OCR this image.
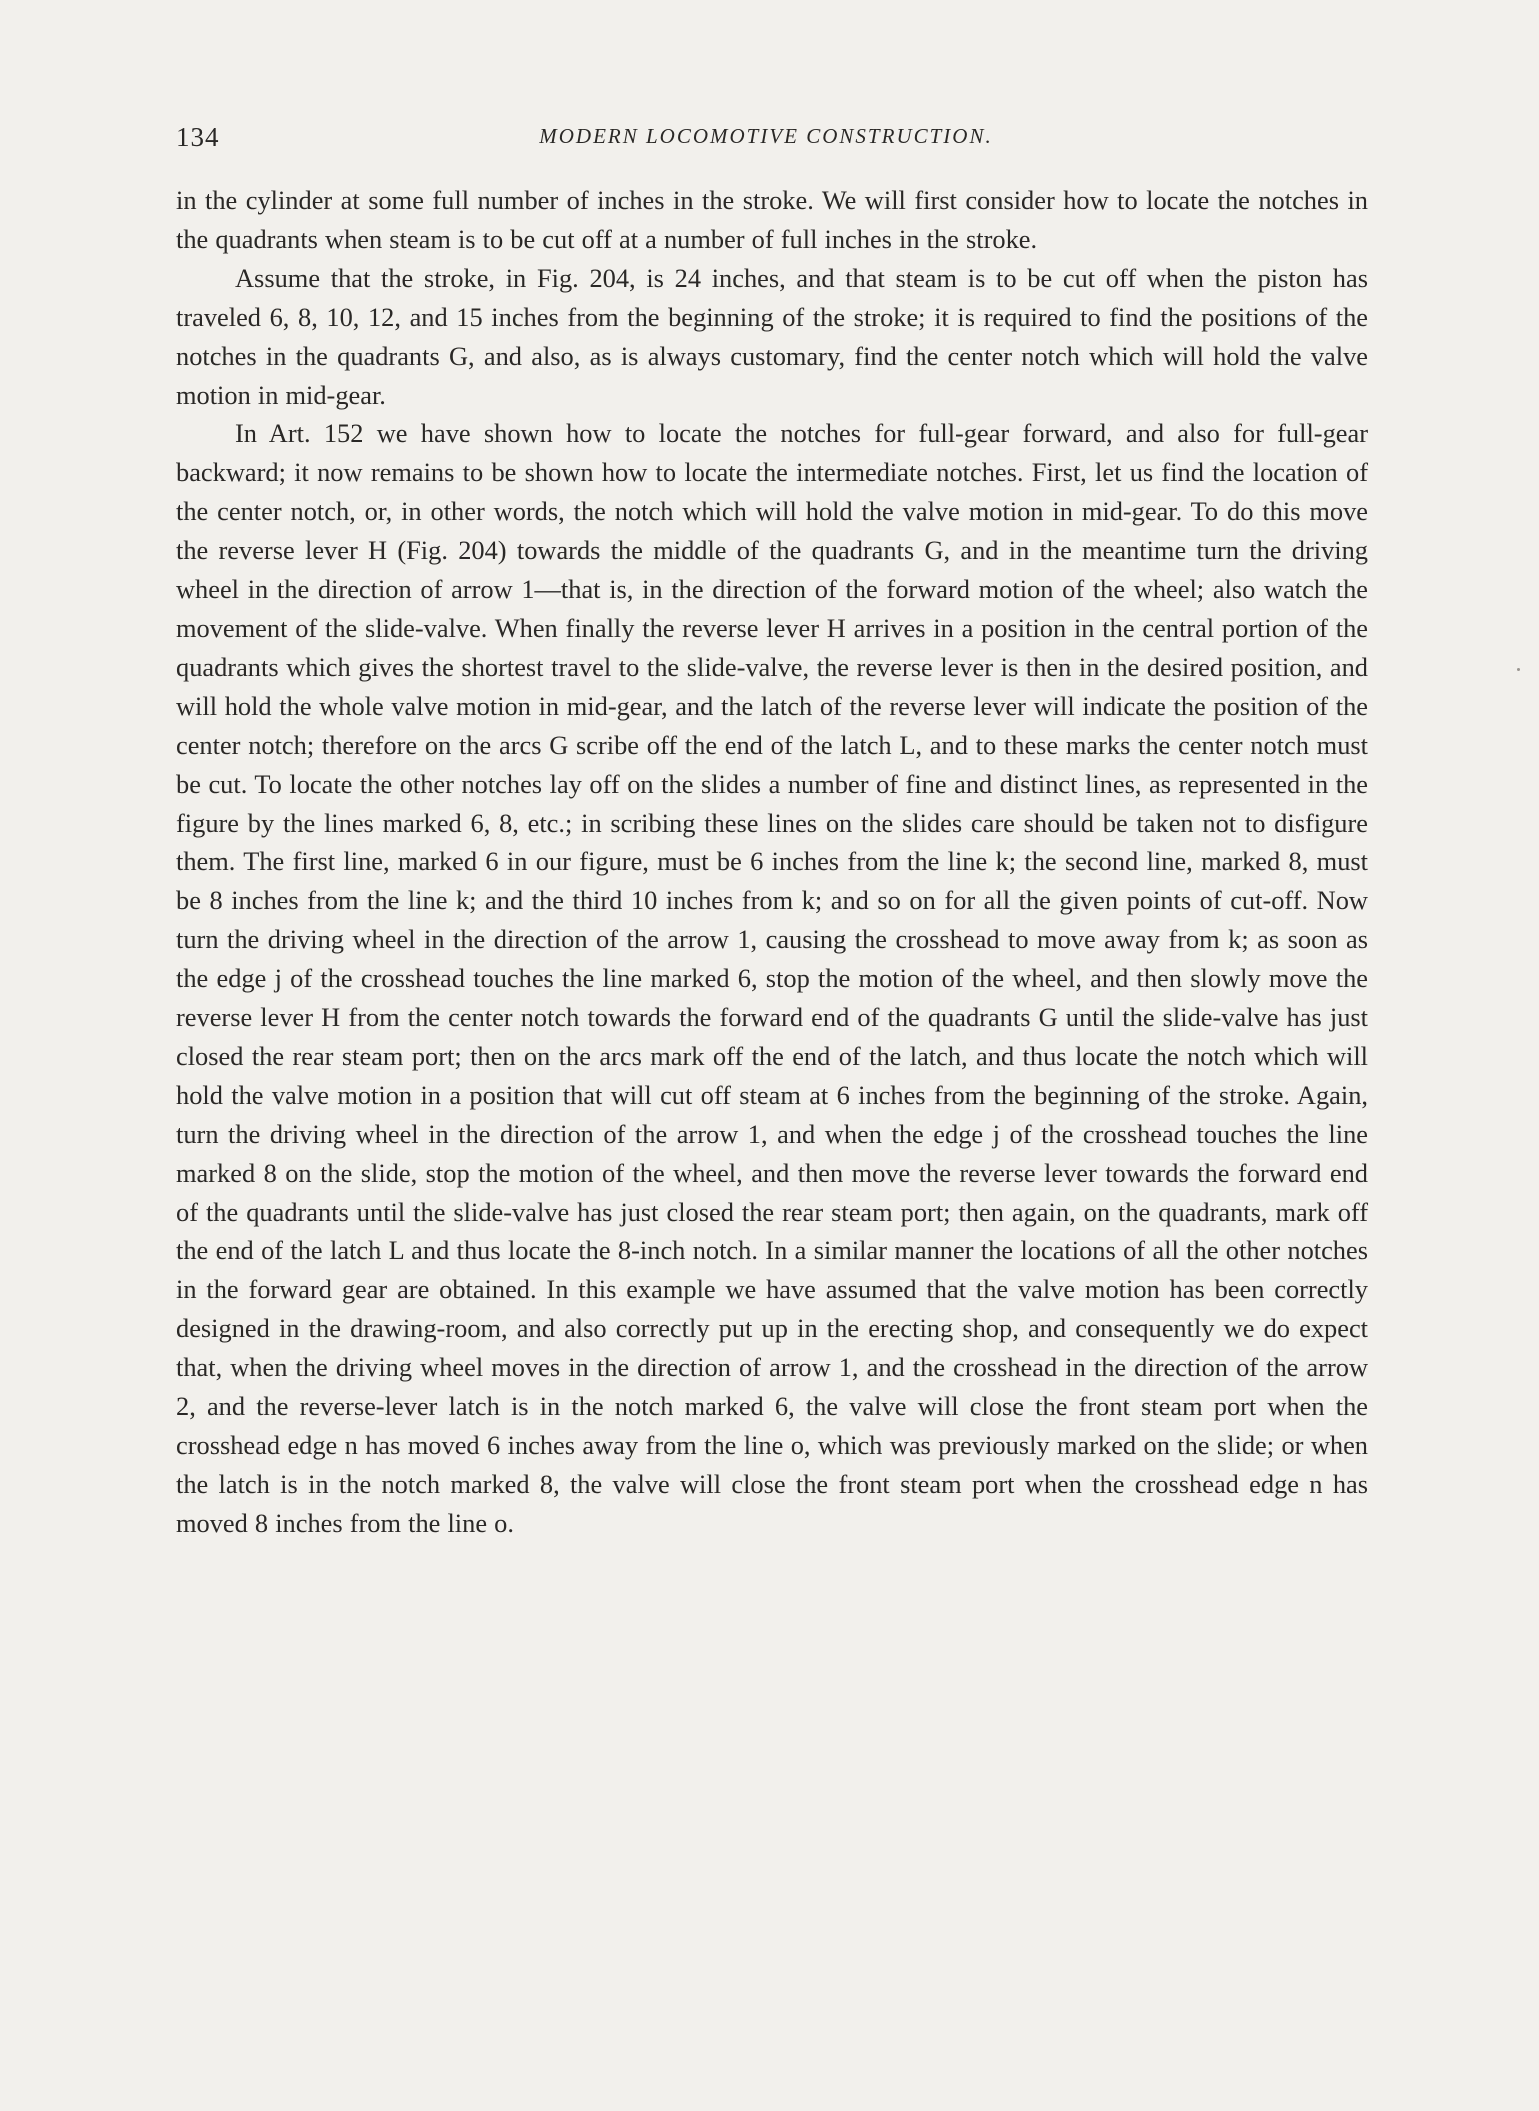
134	MODERN LOCOMOTIVE CONSTRUCTION.

in the cylinder at some full number of inches in the stroke. We will first consider how to locate the notches in the quadrants when steam is to be cut off at a number of full inches in the stroke.

Assume that the stroke, in Fig. 204, is 24 inches, and that steam is to be cut off when the piston has traveled 6, 8, 10, 12, and 15 inches from the beginning of the stroke; it is required to find the positions of the notches in the quadrants G, and also, as is always customary, find the center notch which will hold the valve motion in mid-gear.

In Art. 152 we have shown how to locate the notches for full-gear forward, and also for full-gear backward; it now remains to be shown how to locate the intermediate notches. First, let us find the location of the center notch, or, in other words, the notch which will hold the valve motion in mid-gear. To do this move the reverse lever H (Fig. 204) towards the middle of the quadrants G, and in the meantime turn the driving wheel in the direction of arrow 1—that is, in the direction of the forward motion of the wheel; also watch the movement of the slide-valve. When finally the reverse lever H arrives in a position in the central portion of the quadrants which gives the shortest travel to the slide-valve, the reverse lever is then in the desired position, and will hold the whole valve motion in mid-gear, and the latch of the reverse lever will indicate the position of the center notch; therefore on the arcs G scribe off the end of the latch L, and to these marks the center notch must be cut. To locate the other notches lay off on the slides a number of fine and distinct lines, as represented in the figure by the lines marked 6, 8, etc.; in scribing these lines on the slides care should be taken not to disfigure them. The first line, marked 6 in our figure, must be 6 inches from the line k; the second line, marked 8, must be 8 inches from the line k; and the third 10 inches from k; and so on for all the given points of cut-off. Now turn the driving wheel in the direction of the arrow 1, causing the crosshead to move away from k; as soon as the edge j of the crosshead touches the line marked 6, stop the motion of the wheel, and then slowly move the reverse lever H from the center notch towards the forward end of the quadrants G until the slide-valve has just closed the rear steam port; then on the arcs mark off the end of the latch, and thus locate the notch which will hold the valve motion in a position that will cut off steam at 6 inches from the beginning of the stroke. Again, turn the driving wheel in the direction of the arrow 1, and when the edge j of the crosshead touches the line marked 8 on the slide, stop the motion of the wheel, and then move the reverse lever towards the forward end of the quadrants until the slide-valve has just closed the rear steam port; then again, on the quadrants, mark off the end of the latch L and thus locate the 8-inch notch. In a similar manner the locations of all the other notches in the forward gear are obtained. In this example we have assumed that the valve motion has been correctly designed in the drawing-room, and also correctly put up in the erecting shop, and consequently we do expect that, when the driving wheel moves in the direction of arrow 1, and the crosshead in the direction of the arrow 2, and the reverse-lever latch is in the notch marked 6, the valve will close the front steam port when the crosshead edge n has moved 6 inches away from the line o, which was previously marked on the slide; or when the latch is in the notch marked 8, the valve will close the front steam port when the crosshead edge n has moved 8 inches from the line o.
